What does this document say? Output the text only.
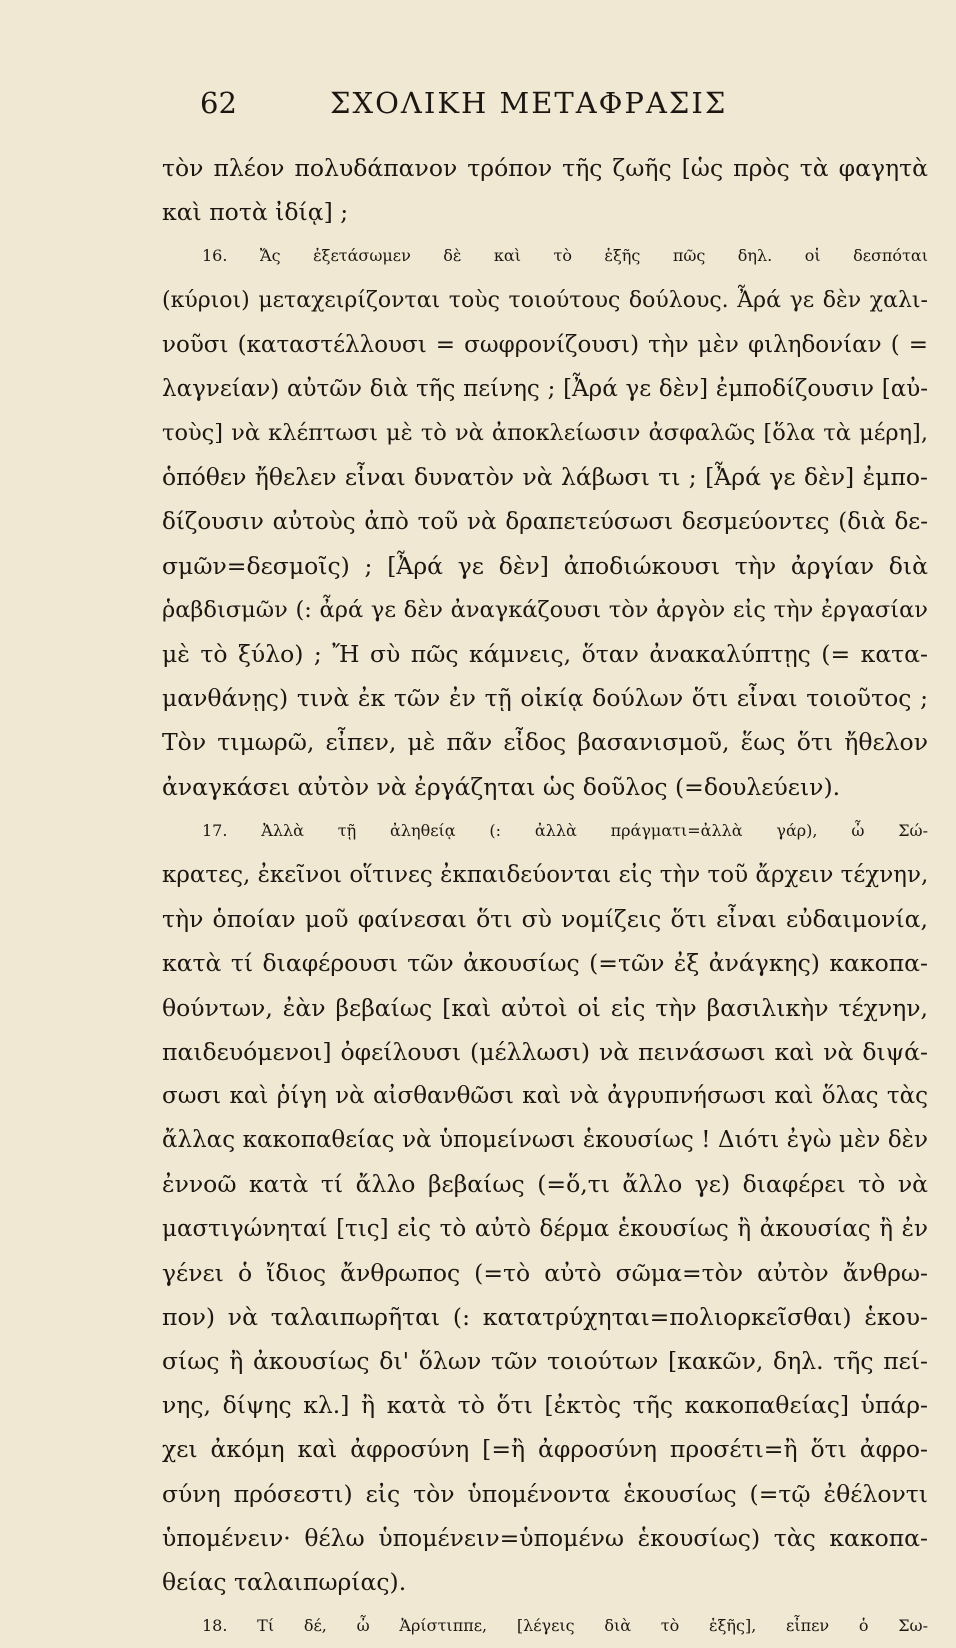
62	ΣΧΟΛΙΚΗ ΜΕΤΑΦΡΑΣΙΣ
τὸν πλέον πολυδάπανον τρόπον τῆς ζωῆς [ὡς πρὸς τὰ φαγητὰ
καὶ ποτὰ ἰδίᾳ] ;
16. Ἄς ἐξετάσωμεν δὲ καὶ τὸ ἑξῆς πῶς δηλ. οἱ δεσπόται
(κύριοι) μεταχειρίζονται τοὺς τοιούτους δούλους. Ἆρά γε δὲν χαλι-
νοῦσι (καταστέλλουσι = σωφρονίζουσι) τὴν μὲν φιληδονίαν ( =
λαγνείαν) αὐτῶν διὰ τῆς πείνης ; [Ἆρά γε δὲν] ἐμποδίζουσιν [αὐ-
τοὺς] νὰ κλέπτωσι μὲ τὸ νὰ ἀποκλείωσιν ἀσφαλῶς [ὅλα τὰ μέρη],
ὁπόθεν ἤθελεν εἶναι δυνατὸν νὰ λάβωσι τι ; [Ἆρά γε δὲν] ἐμπο-
δίζουσιν αὐτοὺς ἀπὸ τοῦ νὰ δραπετεύσωσι δεσμεύοντες (διὰ δε-
σμῶν=δεσμοῖς) ; [Ἆρά γε δὲν] ἀποδιώκουσι τὴν ἀργίαν διὰ
ῥαβδισμῶν (: ἆρά γε δὲν ἀναγκάζουσι τὸν ἀργὸν εἰς τὴν ἐργασίαν
μὲ τὸ ξύλο) ; Ἤ σὺ πῶς κάμνεις, ὅταν ἀνακαλύπτῃς (= κατα-
μανθάνῃς) τινὰ ἐκ τῶν ἐν τῇ οἰκίᾳ δούλων ὅτι εἶναι τοιοῦτος ;
Τὸν τιμωρῶ, εἶπεν, μὲ πᾶν εἶδος βασανισμοῦ, ἕως ὅτι ἤθελον
ἀναγκάσει αὐτὸν νὰ ἐργάζηται ὡς δοῦλος (=δουλεύειν).
17. Ἀλλὰ τῇ ἀληθείᾳ (: ἀλλὰ πράγματι=ἀλλὰ γάρ), ὦ Σώ-
κρατες, ἐκεῖνοι οἵτινες ἐκπαιδεύονται εἰς τὴν τοῦ ἄρχειν τέχνην,
τὴν ὁποίαν μοῦ φαίνεσαι ὅτι σὺ νομίζεις ὅτι εἶναι εὐδαιμονία,
κατὰ τί διαφέρουσι τῶν ἀκουσίως (=τῶν ἐξ ἀνάγκης) κακοπα-
θούντων, ἐὰν βεβαίως [καὶ αὐτοὶ οἱ εἰς τὴν βασιλικὴν τέχνην,
παιδευόμενοι] ὀφείλουσι (μέλλωσι) νὰ πεινάσωσι καὶ νὰ διψά-
σωσι καὶ ῥίγη νὰ αἰσθανθῶσι καὶ νὰ ἀγρυπνήσωσι καὶ ὅλας τὰς
ἄλλας κακοπαθείας νὰ ὑπομείνωσι ἑκουσίως ! Διότι ἐγὼ μὲν δὲν
ἐννοῶ κατὰ τί ἄλλο βεβαίως (=ὅ,τι ἄλλο γε) διαφέρει τὸ νὰ
μαστιγώνηταί [τις] εἰς τὸ αὐτὸ δέρμα ἑκουσίως ἢ ἀκουσίας ἢ ἐν
γένει ὁ ἴδιος ἄνθρωπος (=τὸ αὐτὸ σῶμα=τὸν αὐτὸν ἄνθρω-
πον) νὰ ταλαιπωρῆται (: κατατρύχηται=πολιορκεῖσθαι) ἑκου-
σίως ἢ ἀκουσίως δι' ὅλων τῶν τοιούτων [κακῶν, δηλ. τῆς πεί-
νης, δίψης κλ.] ἢ κατὰ τὸ ὅτι [ἐκτὸς τῆς κακοπαθείας] ὑπάρ-
χει ἀκόμη καὶ ἀφροσύνη [=ἢ ἀφροσύνη προσέτι=ἢ ὅτι ἀφρο-
σύνη πρόσεστι) εἰς τὸν ὑπομένοντα ἑκουσίως (=τῷ ἐθέλοντι
ὑπομένειν· θέλω ὑπομένειν=ὑπομένω ἑκουσίως) τὰς κακοπα-
θείας ταλαιπωρίας).
18. Τί δέ, ὦ Ἀρίστιππε, [λέγεις διὰ τὸ ἑξῆς], εἶπεν ὁ Σω-
